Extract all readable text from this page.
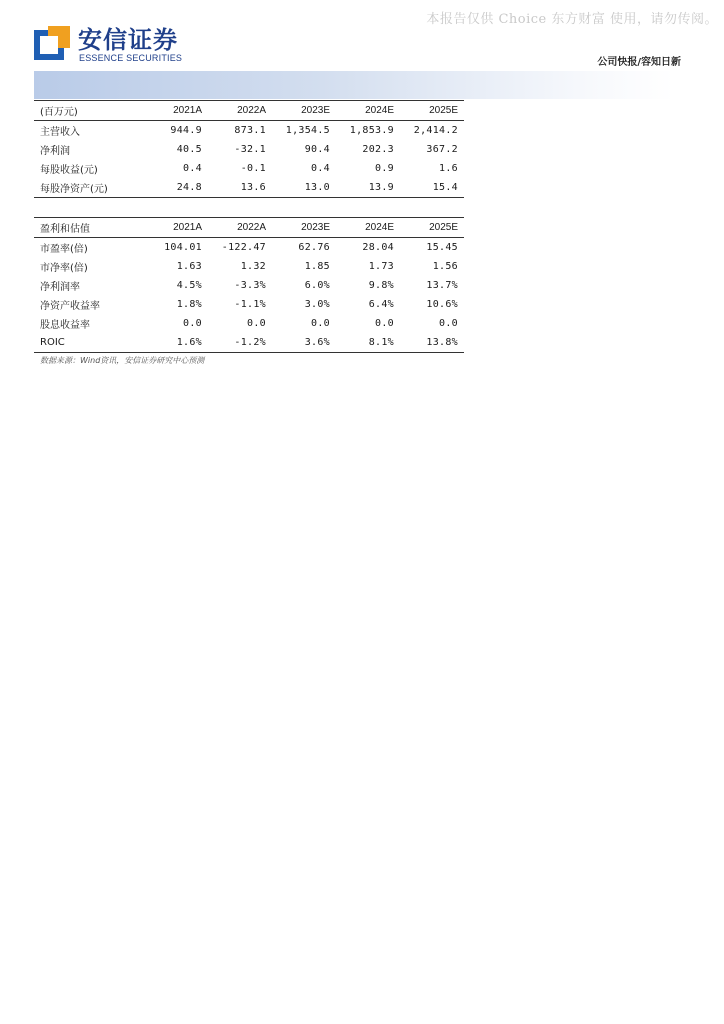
本报告仅供 Choice 东方财富 使用，请勿传阅。
安信证券
ESSENCE SECURITIES	公司快报/容知日新
(百万元)	2021A	2022A	2023E	2024E	2025E
主营收入	944.9	873.1	1,354.5	1,853.9	2,414.2
净利润	40.5	-32.1	90.4	202.3	367.2
每股收益(元)	0.4	-0.1	0.4	0.9	1.6
每股净资产(元)	24.8	13.6	13.0	13.9	15.4
盈利和估值	2021A	2022A	2023E	2024E	2025E
市盈率(倍)	104.01	-122.47	62.76	28.04	15.45
市净率(倍)	1.63	1.32	1.85	1.73	1.56
净利润率	4.5%	-3.3%	6.0%	9.8%	13.7%
净资产收益率	1.8%	-1.1%	3.0%	6.4%	10.6%
股息收益率	0.0	0.0	0.0	0.0	0.0
ROIC	1.6%	-1.2%	3.6%	8.1%	13.8%
数据来源：Wind资讯，安信证券研究中心预测
